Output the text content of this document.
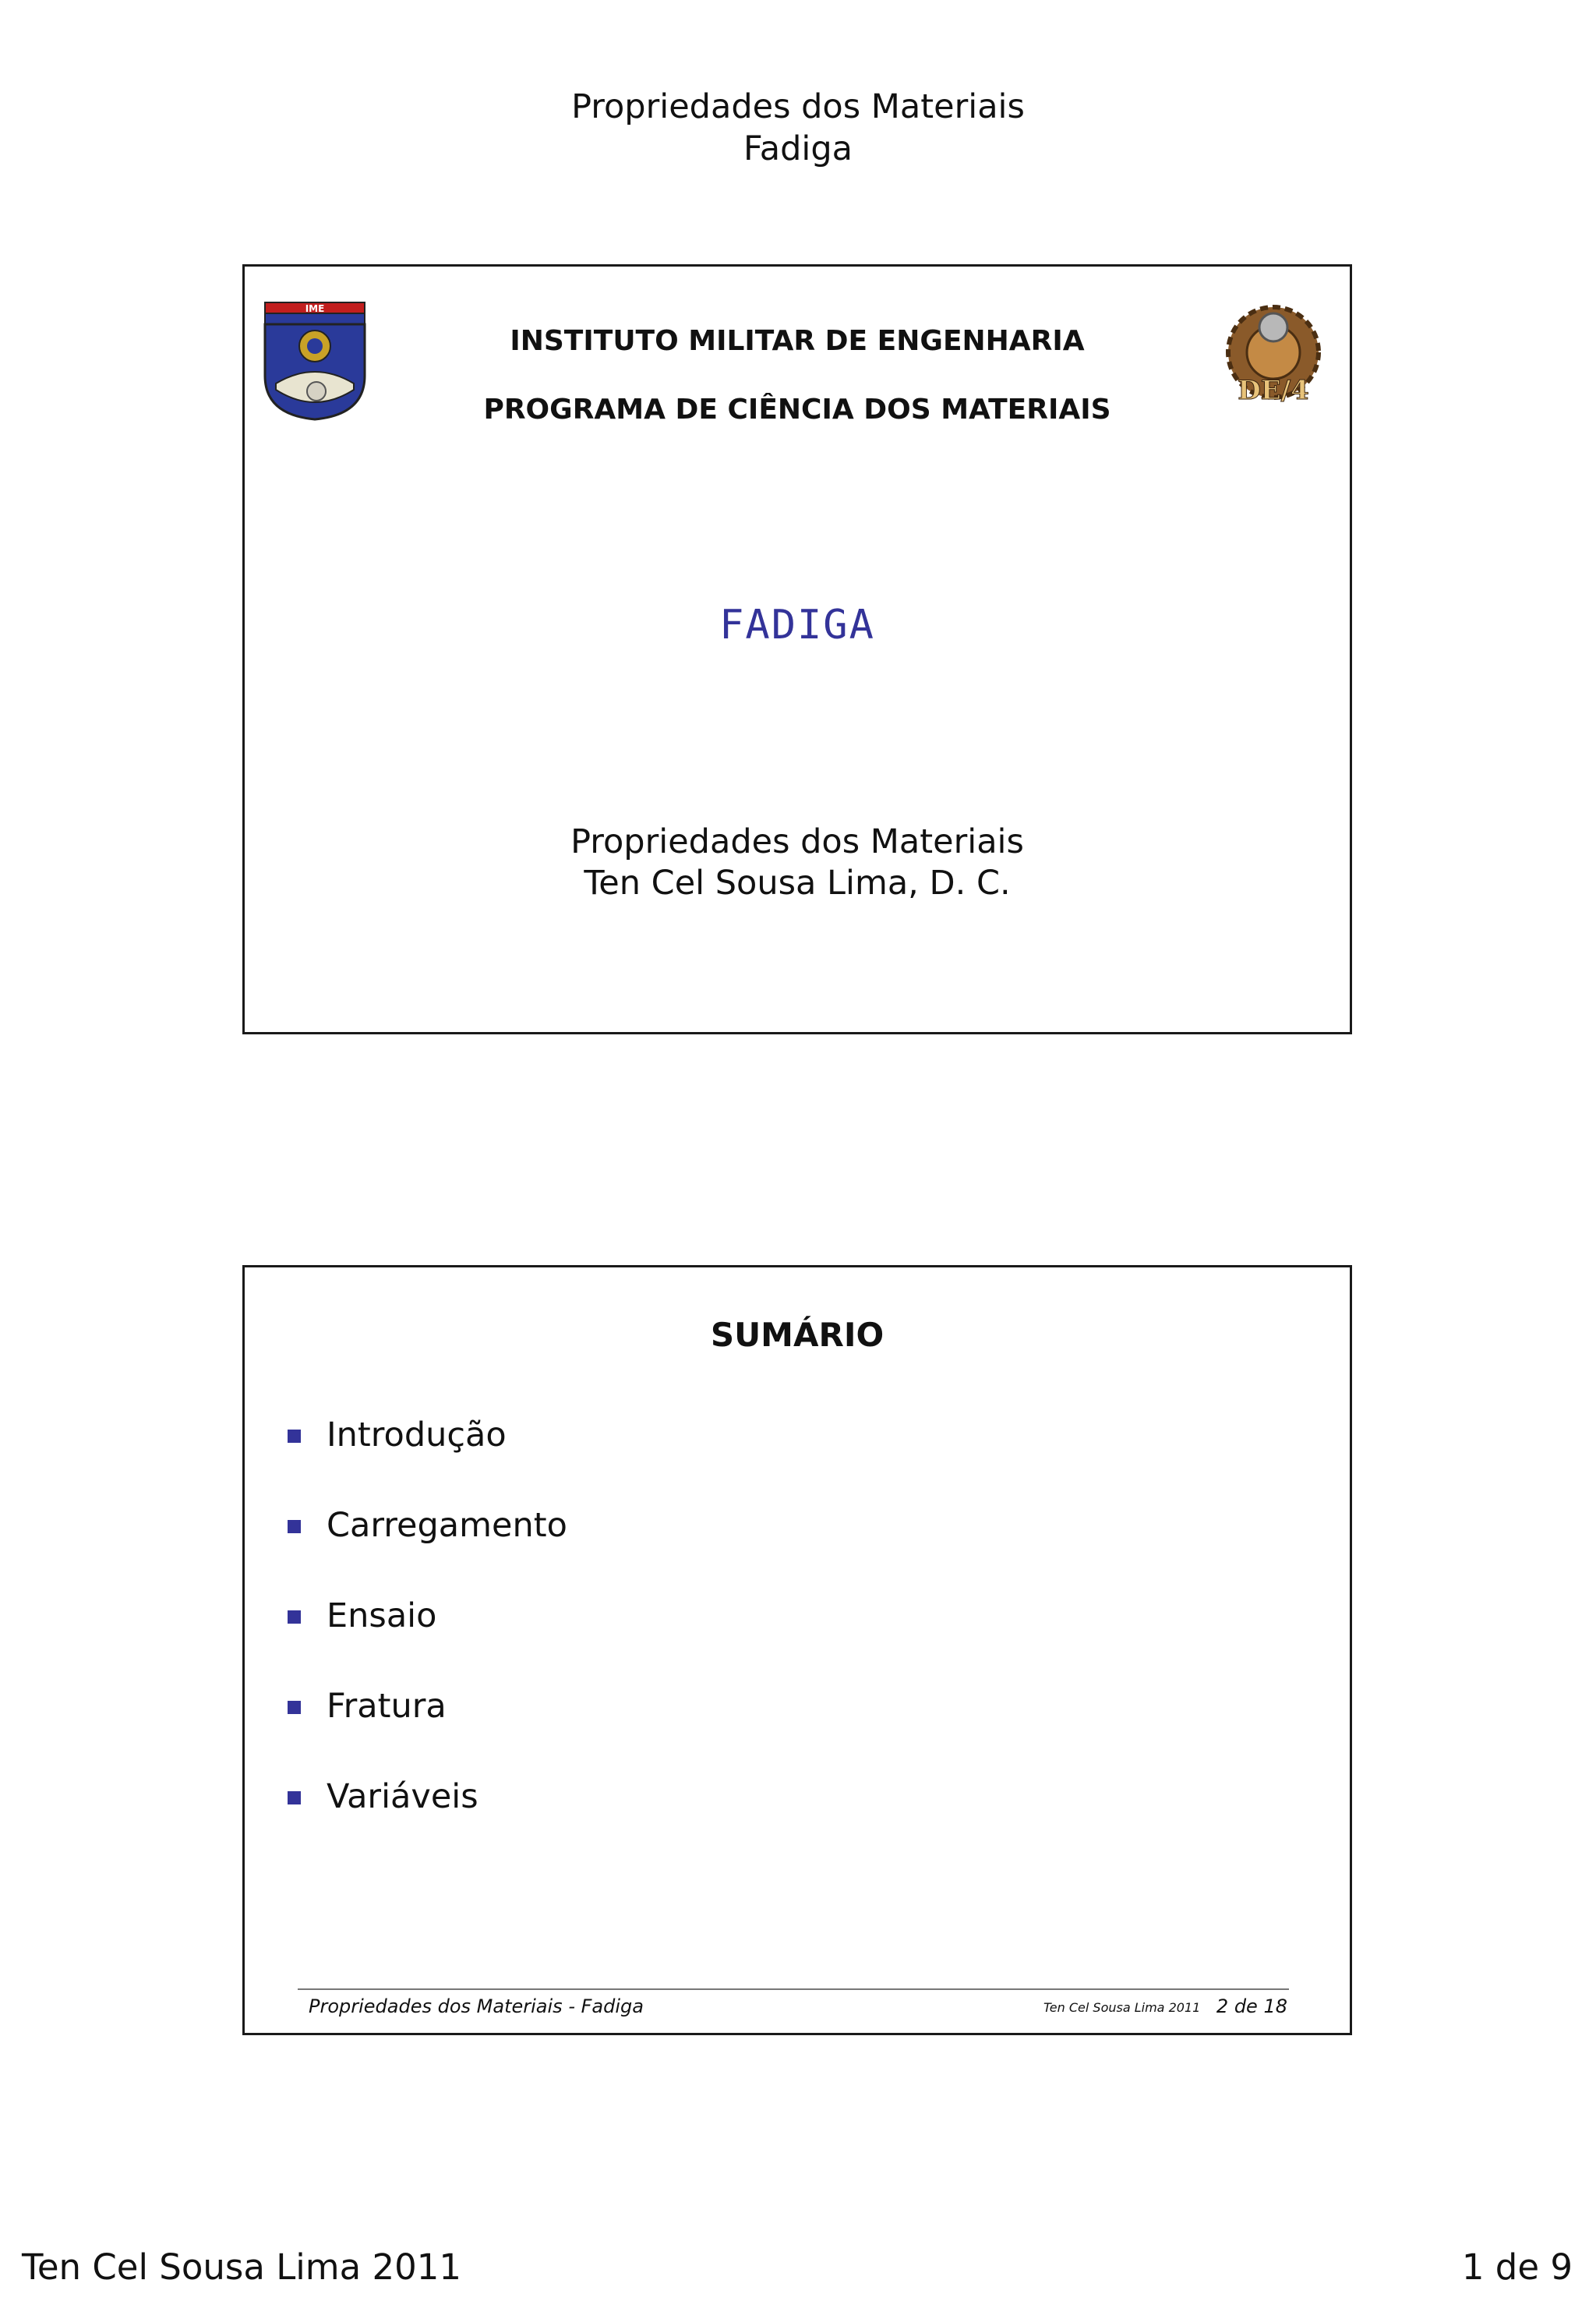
Propriedades dos Materiais
Fadiga
IME
INSTITUTO MILITAR DE ENGENHARIA
PROGRAMA DE CIÊNCIA DOS MATERIAIS
DE/4
FADIGA
Propriedades dos Materiais
Ten Cel Sousa Lima, D. C.
SUMÁRIO
Introdução
Carregamento
Ensaio
Fratura
Variáveis
Propriedades dos Materiais - Fadiga	Ten Cel Sousa Lima 2011 2 de 18
Ten Cel Sousa Lima 2011	1 de 9
